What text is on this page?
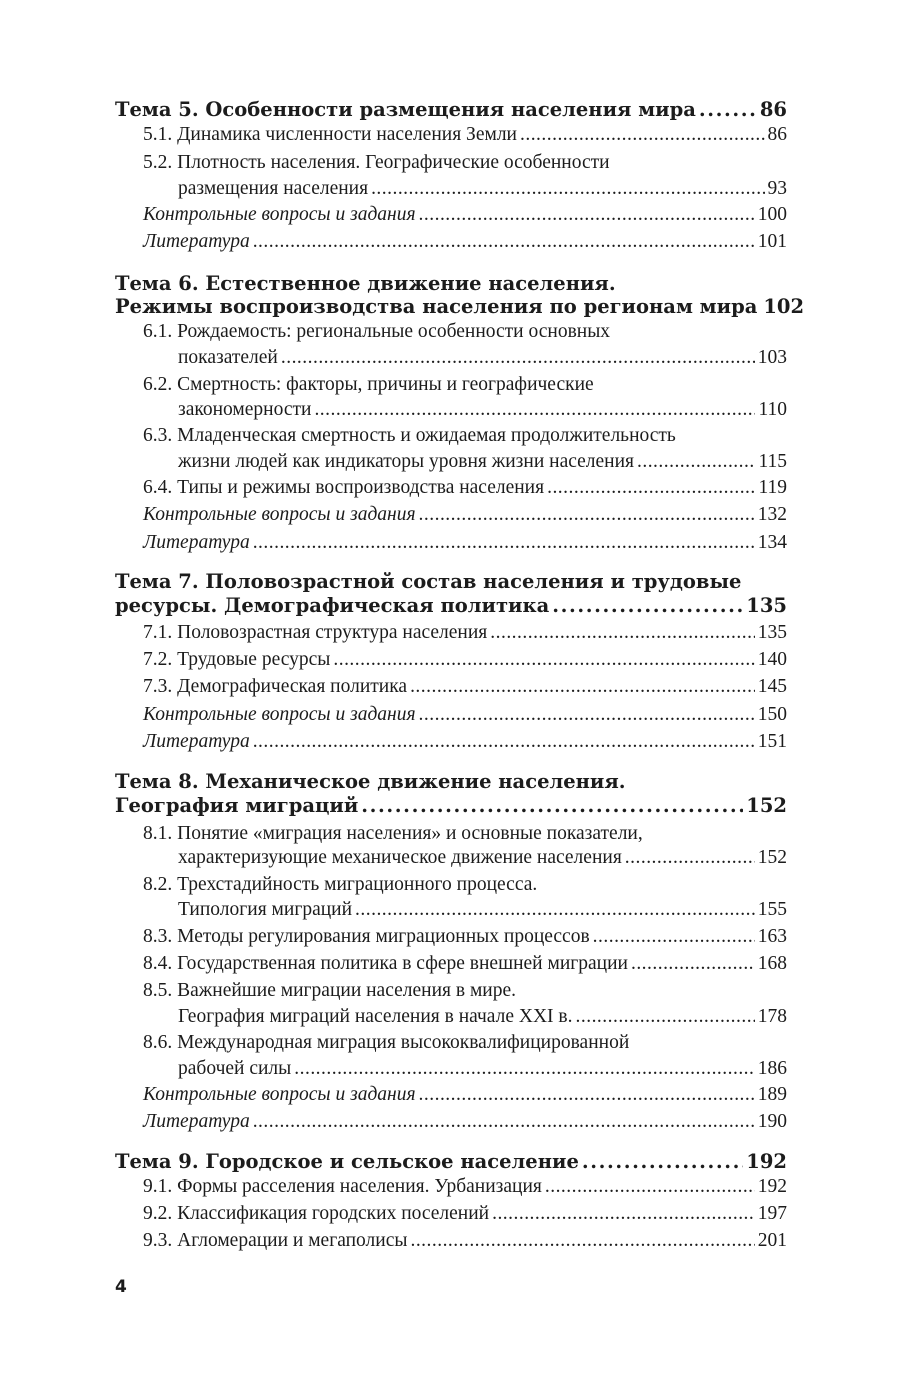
Тема 5. Особенности размещения населения мира . . .	86
5.1. Динамика численности населения Земли . . .	86
5.2. Плотность населения. Географические особенности
размещения населения . . .	93
Контрольные вопросы и задания . . .	100
Литература . . .	101
Тема 6. Естественное движение населения.
Режимы воспроизводства населения по регионам мира 102
6.1. Рождаемость: региональные особенности основных
показателей . . .	103
6.2. Смертность: факторы, причины и географические
закономерности . . .	110
6.3. Младенческая смертность и ожидаемая продолжительность
жизни людей как индикаторы уровня жизни населения . . .	115
6.4. Типы и режимы воспроизводства населения . . .	119
Контрольные вопросы и задания . . .	132
Литература . . .	134
Тема 7. Половозрастной состав населения и трудовые
ресурсы. Демографическая политика . . .	135
7.1. Половозрастная структура населения . . .	135
7.2. Трудовые ресурсы . . .	140
7.3. Демографическая политика . . .	145
Контрольные вопросы и задания . . .	150
Литература . . .	151
Тема 8. Механическое движение населения.
География миграций . . .	152
8.1. Понятие «миграция населения» и основные показатели,
характеризующие механическое движение населения . . .	152
8.2. Трехстадийность миграционного процесса.
Типология миграций . . .	155
8.3. Методы регулирования миграционных процессов . . .	163
8.4. Государственная политика в сфере внешней миграции . . .	168
8.5. Важнейшие миграции населения в мире.
География миграций населения в начале XXI в. . . .	178
8.6. Международная миграция высококвалифицированной
рабочей силы . . .	186
Контрольные вопросы и задания . . .	189
Литература . . .	190
Тема 9. Городское и сельское население . . .	192
9.1. Формы расселения населения. Урбанизация . . .	192
9.2. Классификация городских поселений . . .	197
9.3. Агломерации и мегаполисы . . .	201
4
